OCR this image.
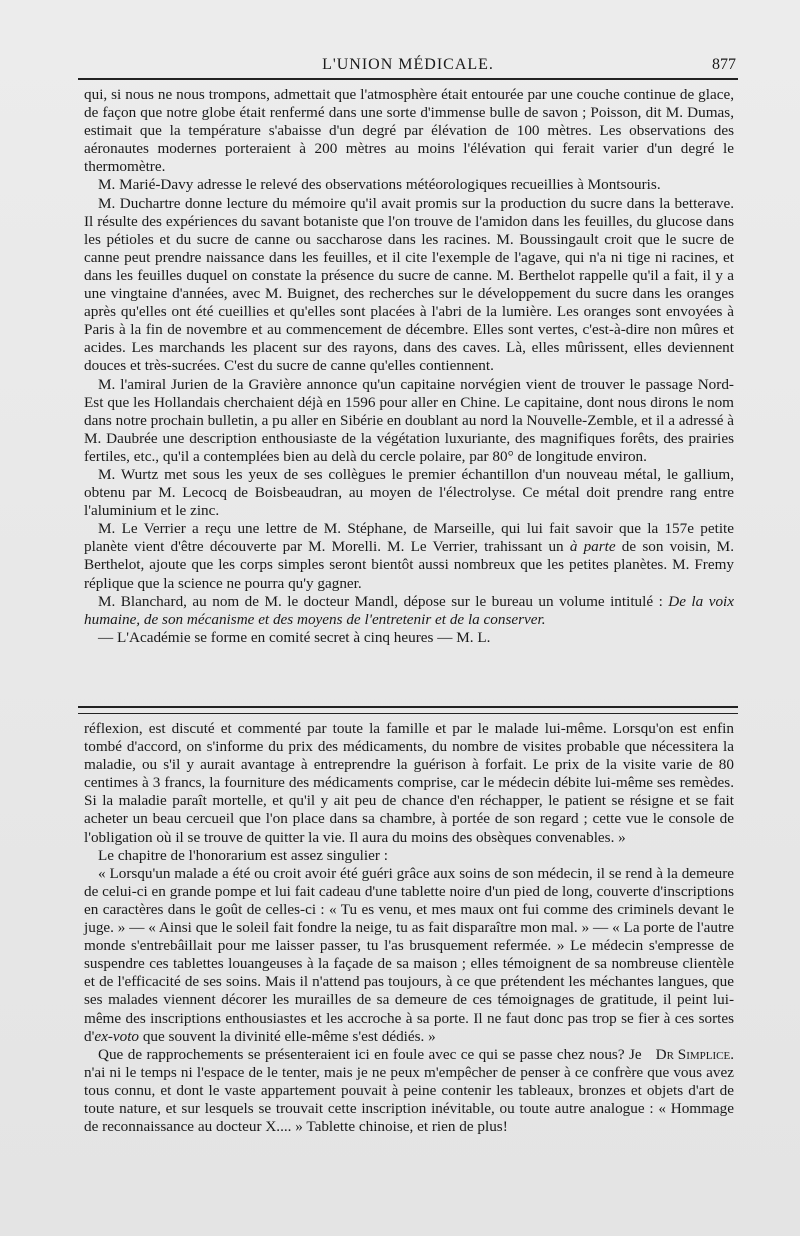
L'UNION MÉDICALE.	877

qui, si nous ne nous trompons, admettait que l'atmosphère était entourée par une couche continue de glace, de façon que notre globe était renfermé dans une sorte d'immense bulle de savon ; Poisson, dit M. Dumas, estimait que la température s'abaisse d'un degré par élévation de 100 mètres. Les observations des aéronautes modernes porteraient à 200 mètres au moins l'élévation qui ferait varier d'un degré le thermomètre.

M. Marié-Davy adresse le relevé des observations météorologiques recueillies à Montsouris.

M. Duchartre donne lecture du mémoire qu'il avait promis sur la production du sucre dans la betterave. Il résulte des expériences du savant botaniste que l'on trouve de l'amidon dans les feuilles, du glucose dans les pétioles et du sucre de canne ou saccharose dans les racines. M. Boussingault croit que le sucre de canne peut prendre naissance dans les feuilles, et il cite l'exemple de l'agave, qui n'a ni tige ni racines, et dans les feuilles duquel on constate la présence du sucre de canne. M. Berthelot rappelle qu'il a fait, il y a une vingtaine d'années, avec M. Buignet, des recherches sur le développement du sucre dans les oranges après qu'elles ont été cueillies et qu'elles sont placées à l'abri de la lumière. Les oranges sont envoyées à Paris à la fin de novembre et au commencement de décembre. Elles sont vertes, c'est-à-dire non mûres et acides. Les marchands les placent sur des rayons, dans des caves. Là, elles mûrissent, elles deviennent douces et très-sucrées. C'est du sucre de canne qu'elles contiennent.

M. l'amiral Jurien de la Gravière annonce qu'un capitaine norvégien vient de trouver le passage Nord-Est que les Hollandais cherchaient déjà en 1596 pour aller en Chine. Le capitaine, dont nous dirons le nom dans notre prochain bulletin, a pu aller en Sibérie en doublant au nord la Nouvelle-Zemble, et il a adressé à M. Daubrée une description enthousiaste de la végétation luxuriante, des magnifiques forêts, des prairies fertiles, etc., qu'il a contemplées bien au delà du cercle polaire, par 80° de longitude environ.

M. Wurtz met sous les yeux de ses collègues le premier échantillon d'un nouveau métal, le gallium, obtenu par M. Lecocq de Boisbeaudran, au moyen de l'électrolyse. Ce métal doit prendre rang entre l'aluminium et le zinc.

M. Le Verrier a reçu une lettre de M. Stéphane, de Marseille, qui lui fait savoir que la 157e petite planète vient d'être découverte par M. Morelli. M. Le Verrier, trahissant un à parte de son voisin, M. Berthelot, ajoute que les corps simples seront bientôt aussi nombreux que les petites planètes. M. Fremy réplique que la science ne pourra qu'y gagner.

M. Blanchard, au nom de M. le docteur Mandl, dépose sur le bureau un volume intitulé : De la voix humaine, de son mécanisme et des moyens de l'entretenir et de la conserver.

— L'Académie se forme en comité secret à cinq heures — M. L.

réflexion, est discuté et commenté par toute la famille et par le malade lui-même. Lorsqu'on est enfin tombé d'accord, on s'informe du prix des médicaments, du nombre de visites probable que nécessitera la maladie, ou s'il y aurait avantage à entreprendre la guérison à forfait. Le prix de la visite varie de 80 centimes à 3 francs, la fourniture des médicaments comprise, car le médecin débite lui-même ses remèdes. Si la maladie paraît mortelle, et qu'il y ait peu de chance d'en réchapper, le patient se résigne et se fait acheter un beau cercueil que l'on place dans sa chambre, à portée de son regard ; cette vue le console de l'obligation où il se trouve de quitter la vie. Il aura du moins des obsèques convenables. »

Le chapitre de l'honorarium est assez singulier :

« Lorsqu'un malade a été ou croit avoir été guéri grâce aux soins de son médecin, il se rend à la demeure de celui-ci en grande pompe et lui fait cadeau d'une tablette noire d'un pied de long, couverte d'inscriptions en caractères dans le goût de celles-ci : « Tu es venu, et mes maux ont fui comme des criminels devant le juge. » — « Ainsi que le soleil fait fondre la neige, tu as fait disparaître mon mal. » — « La porte de l'autre monde s'entrebâillait pour me laisser passer, tu l'as brusquement refermée. » Le médecin s'empresse de suspendre ces tablettes louangeuses à la façade de sa maison ; elles témoignent de sa nombreuse clientèle et de l'efficacité de ses soins. Mais il n'attend pas toujours, à ce que prétendent les méchantes langues, que ses malades viennent décorer les murailles de sa demeure de ces témoignages de gratitude, il peint lui-même des inscriptions enthousiastes et les accroche à sa porte. Il ne faut donc pas trop se fier à ces sortes d'ex-voto que souvent la divinité elle-même s'est dédiés. »

Dr Simplice.
Que de rapprochements se présenteraient ici en foule avec ce qui se passe chez nous? Je n'ai ni le temps ni l'espace de le tenter, mais je ne peux m'empêcher de penser à ce confrère que vous avez tous connu, et dont le vaste appartement pouvait à peine contenir les tableaux, bronzes et objets d'art de toute nature, et sur lesquels se trouvait cette inscription inévitable, ou toute autre analogue : « Hommage de reconnaissance au docteur X.... » Tablette chinoise, et rien de plus!
